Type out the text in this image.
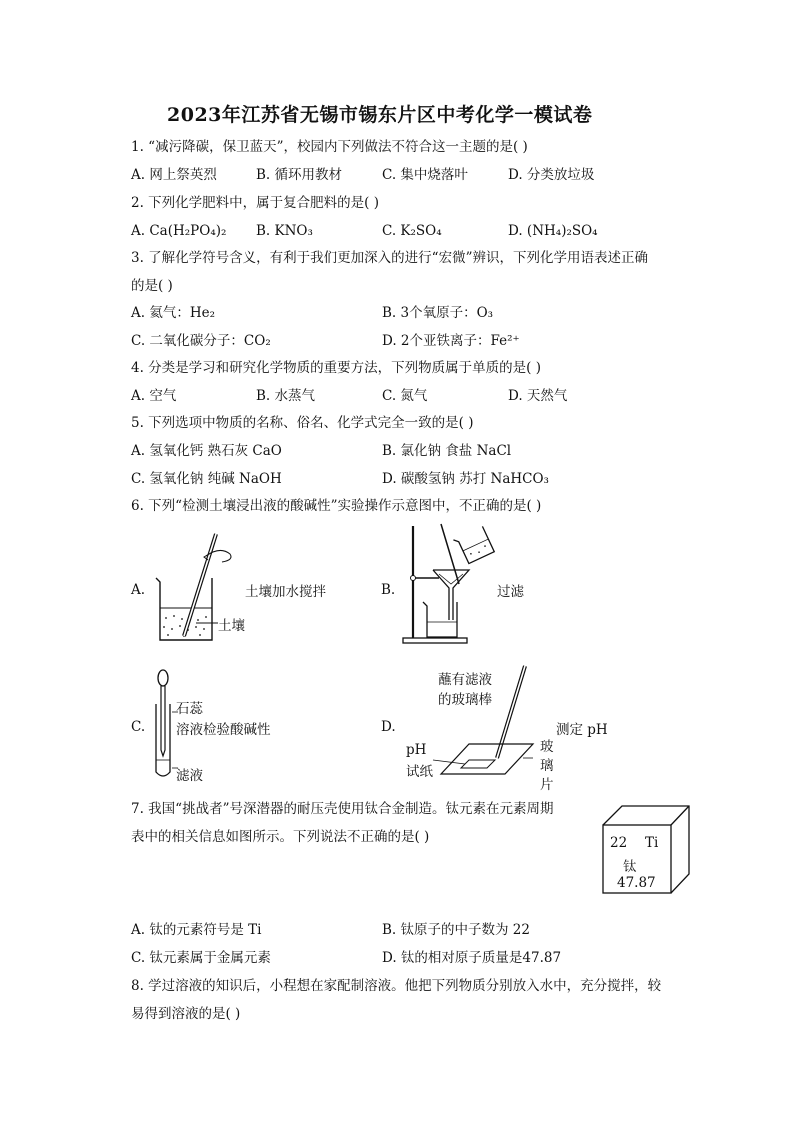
2023年江苏省无锡市锡东片区中考化学一模试卷
1. “减污降碳，保卫蓝天”，校园内下列做法不符合这一主题的是( )
A. 网上祭英烈	B. 循环用教材	C. 集中烧落叶	D. 分类放垃圾
2. 下列化学肥料中，属于复合肥料的是( )
A. Ca(H₂PO₄)₂ B. KNO₃	C. K₂SO₄	D. (NH₄)₂SO₄
3. 了解化学符号含义，有利于我们更加深入的进行“宏微”辨识，下列化学用语表述正确
的是( )
A. 氦气：He₂	B. 3个氧原子：O₃
C. 二氧化碳分子：CO₂	D. 2个亚铁离子：Fe²⁺
4. 分类是学习和研究化学物质的重要方法，下列物质属于单质的是( )
A. 空气	B. 水蒸气	C. 氮气	D. 天然气
5. 下列选项中物质的名称、俗名、化学式完全一致的是( )
A. 氢氧化钙 熟石灰 CaO	B. 氯化钠 食盐 NaCl
C. 氢氧化钠 纯碱 NaOH	D. 碳酸氢钠 苏打 NaHCO₃
6. 下列“检测土壤浸出液的酸碱性”实验操作示意图中，不正确的是( )
A.	土壤加水搅拌
土壤
B.	过滤
C.
石蕊
溶液检验酸碱性
滤液
D.
蘸有滤液
的玻璃棒
测定 pH
pH
试纸
玻
璃
片
7. 我国“挑战者”号深潜器的耐压壳使用钛合金制造。钛元素在元素周期
表中的相关信息如图所示。下列说法不正确的是( )	22 Ti
钛
47.87
A. 钛的元素符号是 Ti	B. 钛原子的中子数为 22
C. 钛元素属于金属元素	D. 钛的相对原子质量是47.87
8. 学过溶液的知识后，小程想在家配制溶液。他把下列物质分别放入水中，充分搅拌，较
易得到溶液的是( )
